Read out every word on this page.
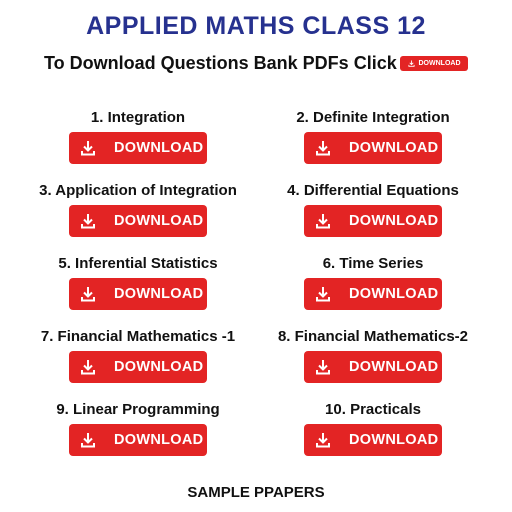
APPLIED MATHS CLASS 12
To Download Questions Bank PDFs Click	DOWNLOAD
1. Integration
DOWNLOAD
2. Definite Integration
DOWNLOAD
3. Application of Integration
DOWNLOAD
4. Differential Equations
DOWNLOAD
5. Inferential Statistics
DOWNLOAD
6. Time Series
DOWNLOAD
7. Financial Mathematics -1
DOWNLOAD
8. Financial Mathematics-2
DOWNLOAD
9. Linear Programming
DOWNLOAD
10. Practicals
DOWNLOAD
SAMPLE PPAPERS
